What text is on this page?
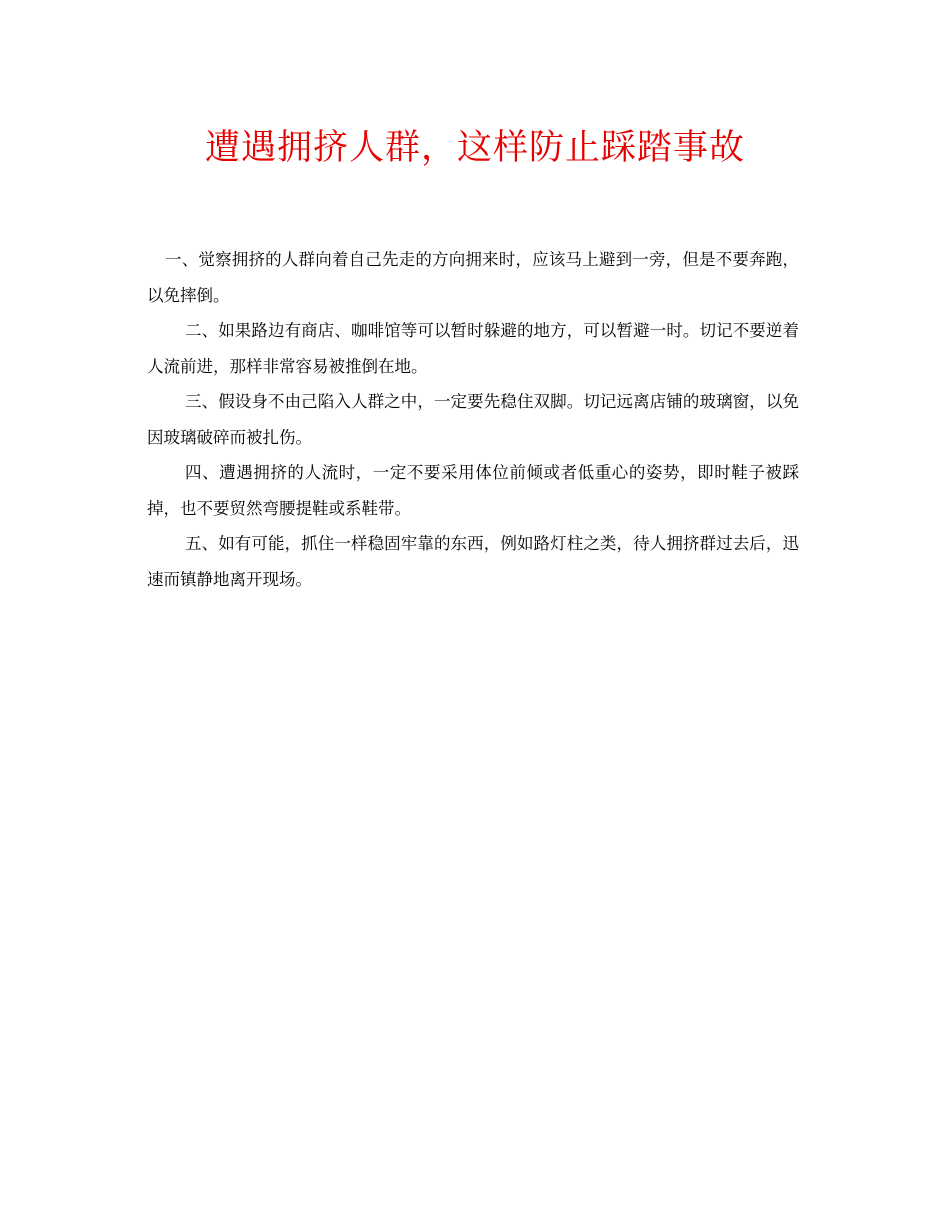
遭遇拥挤人群，这样防止踩踏事故

一、觉察拥挤的人群向着自己先走的方向拥来时，应该马上避到一旁，但是不要奔跑，以免摔倒。

二、如果路边有商店、咖啡馆等可以暂时躲避的地方，可以暂避一时。切记不要逆着人流前进，那样非常容易被推倒在地。

三、假设身不由己陷入人群之中，一定要先稳住双脚。切记远离店铺的玻璃窗，以免因玻璃破碎而被扎伤。

四、遭遇拥挤的人流时，一定不要采用体位前倾或者低重心的姿势，即时鞋子被踩掉，也不要贸然弯腰提鞋或系鞋带。

五、如有可能，抓住一样稳固牢靠的东西，例如路灯柱之类，待人拥挤群过去后，迅速而镇静地离开现场。
